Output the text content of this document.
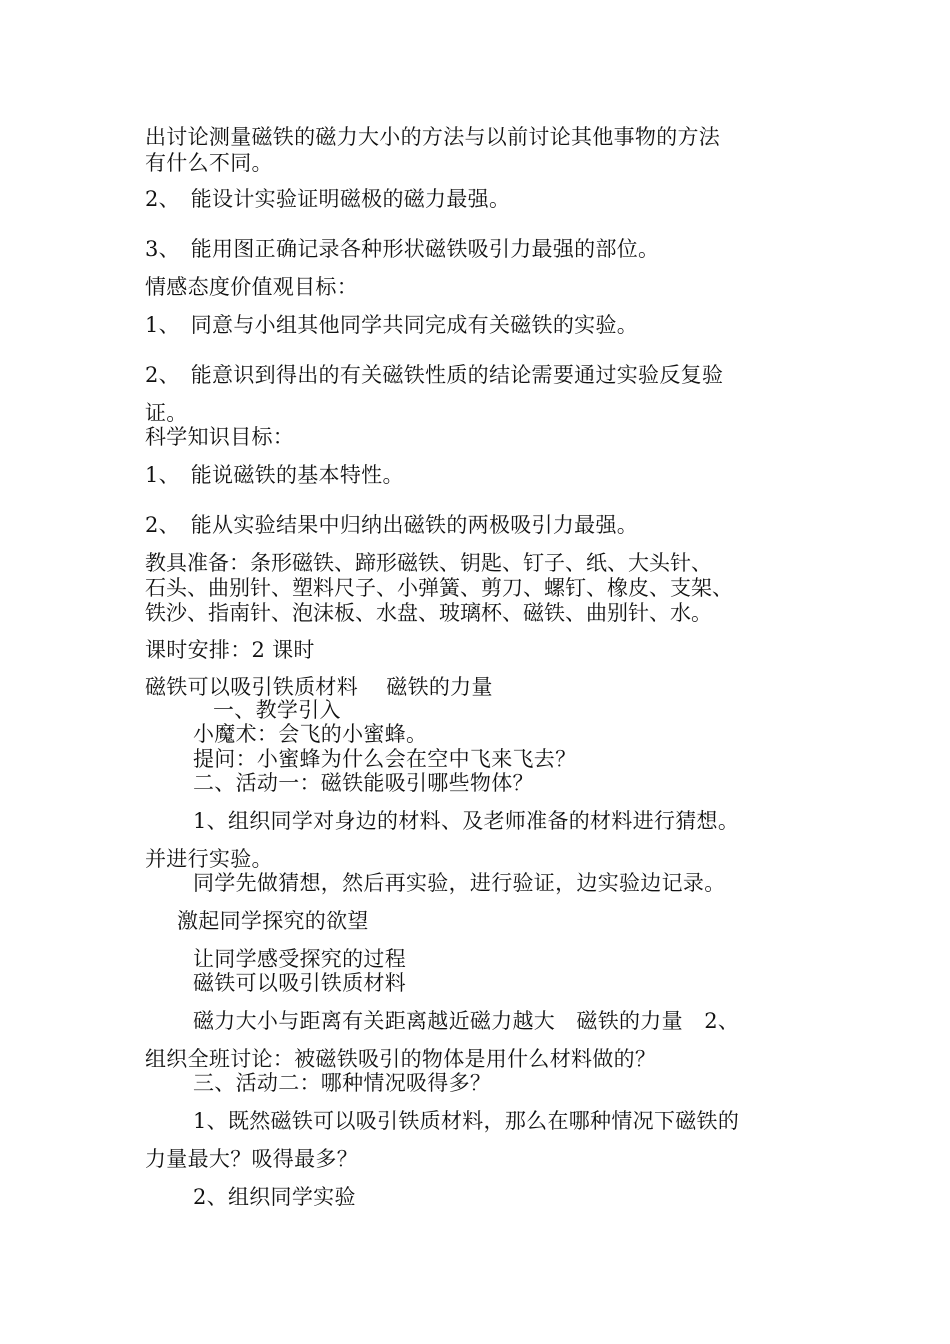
出讨论测量磁铁的磁力大小的方法与以前讨论其他事物的方法
有什么不同。
2、　能设计实验证明磁极的磁力最强。
3、　能用图正确记录各种形状磁铁吸引力最强的部位。
情感态度价值观目标：
1、　同意与小组其他同学共同完成有关磁铁的实验。
2、　能意识到得出的有关磁铁性质的结论需要通过实验反复验
证。
科学知识目标：
1、　能说磁铁的基本特性。
2、　能从实验结果中归纳出磁铁的两极吸引力最强。
教具准备：条形磁铁、蹄形磁铁、钥匙、钉子、纸、大头针、
石头、曲别针、塑料尺子、小弹簧、剪刀、螺钉、橡皮、支架、
铁沙、指南针、泡沫板、水盘、玻璃杯、磁铁、曲别针、水。
课时安排：2 课时
磁铁可以吸引铁质材料　 磁铁的力量
一、教学引入
小魔术：会飞的小蜜蜂。
提问：小蜜蜂为什么会在空中飞来飞去？
二、活动一：磁铁能吸引哪些物体？
1、组织同学对身边的材料、及老师准备的材料进行猜想。
并进行实验。
同学先做猜想，然后再实验，进行验证，边实验边记录。
激起同学探究的欲望
让同学感受探究的过程
磁铁可以吸引铁质材料
磁力大小与距离有关距离越近磁力越大　磁铁的力量　2、
组织全班讨论：被磁铁吸引的物体是用什么材料做的？
三、活动二：哪种情况吸得多？
1、既然磁铁可以吸引铁质材料，那么在哪种情况下磁铁的
力量最大？吸得最多？
2、组织同学实验
